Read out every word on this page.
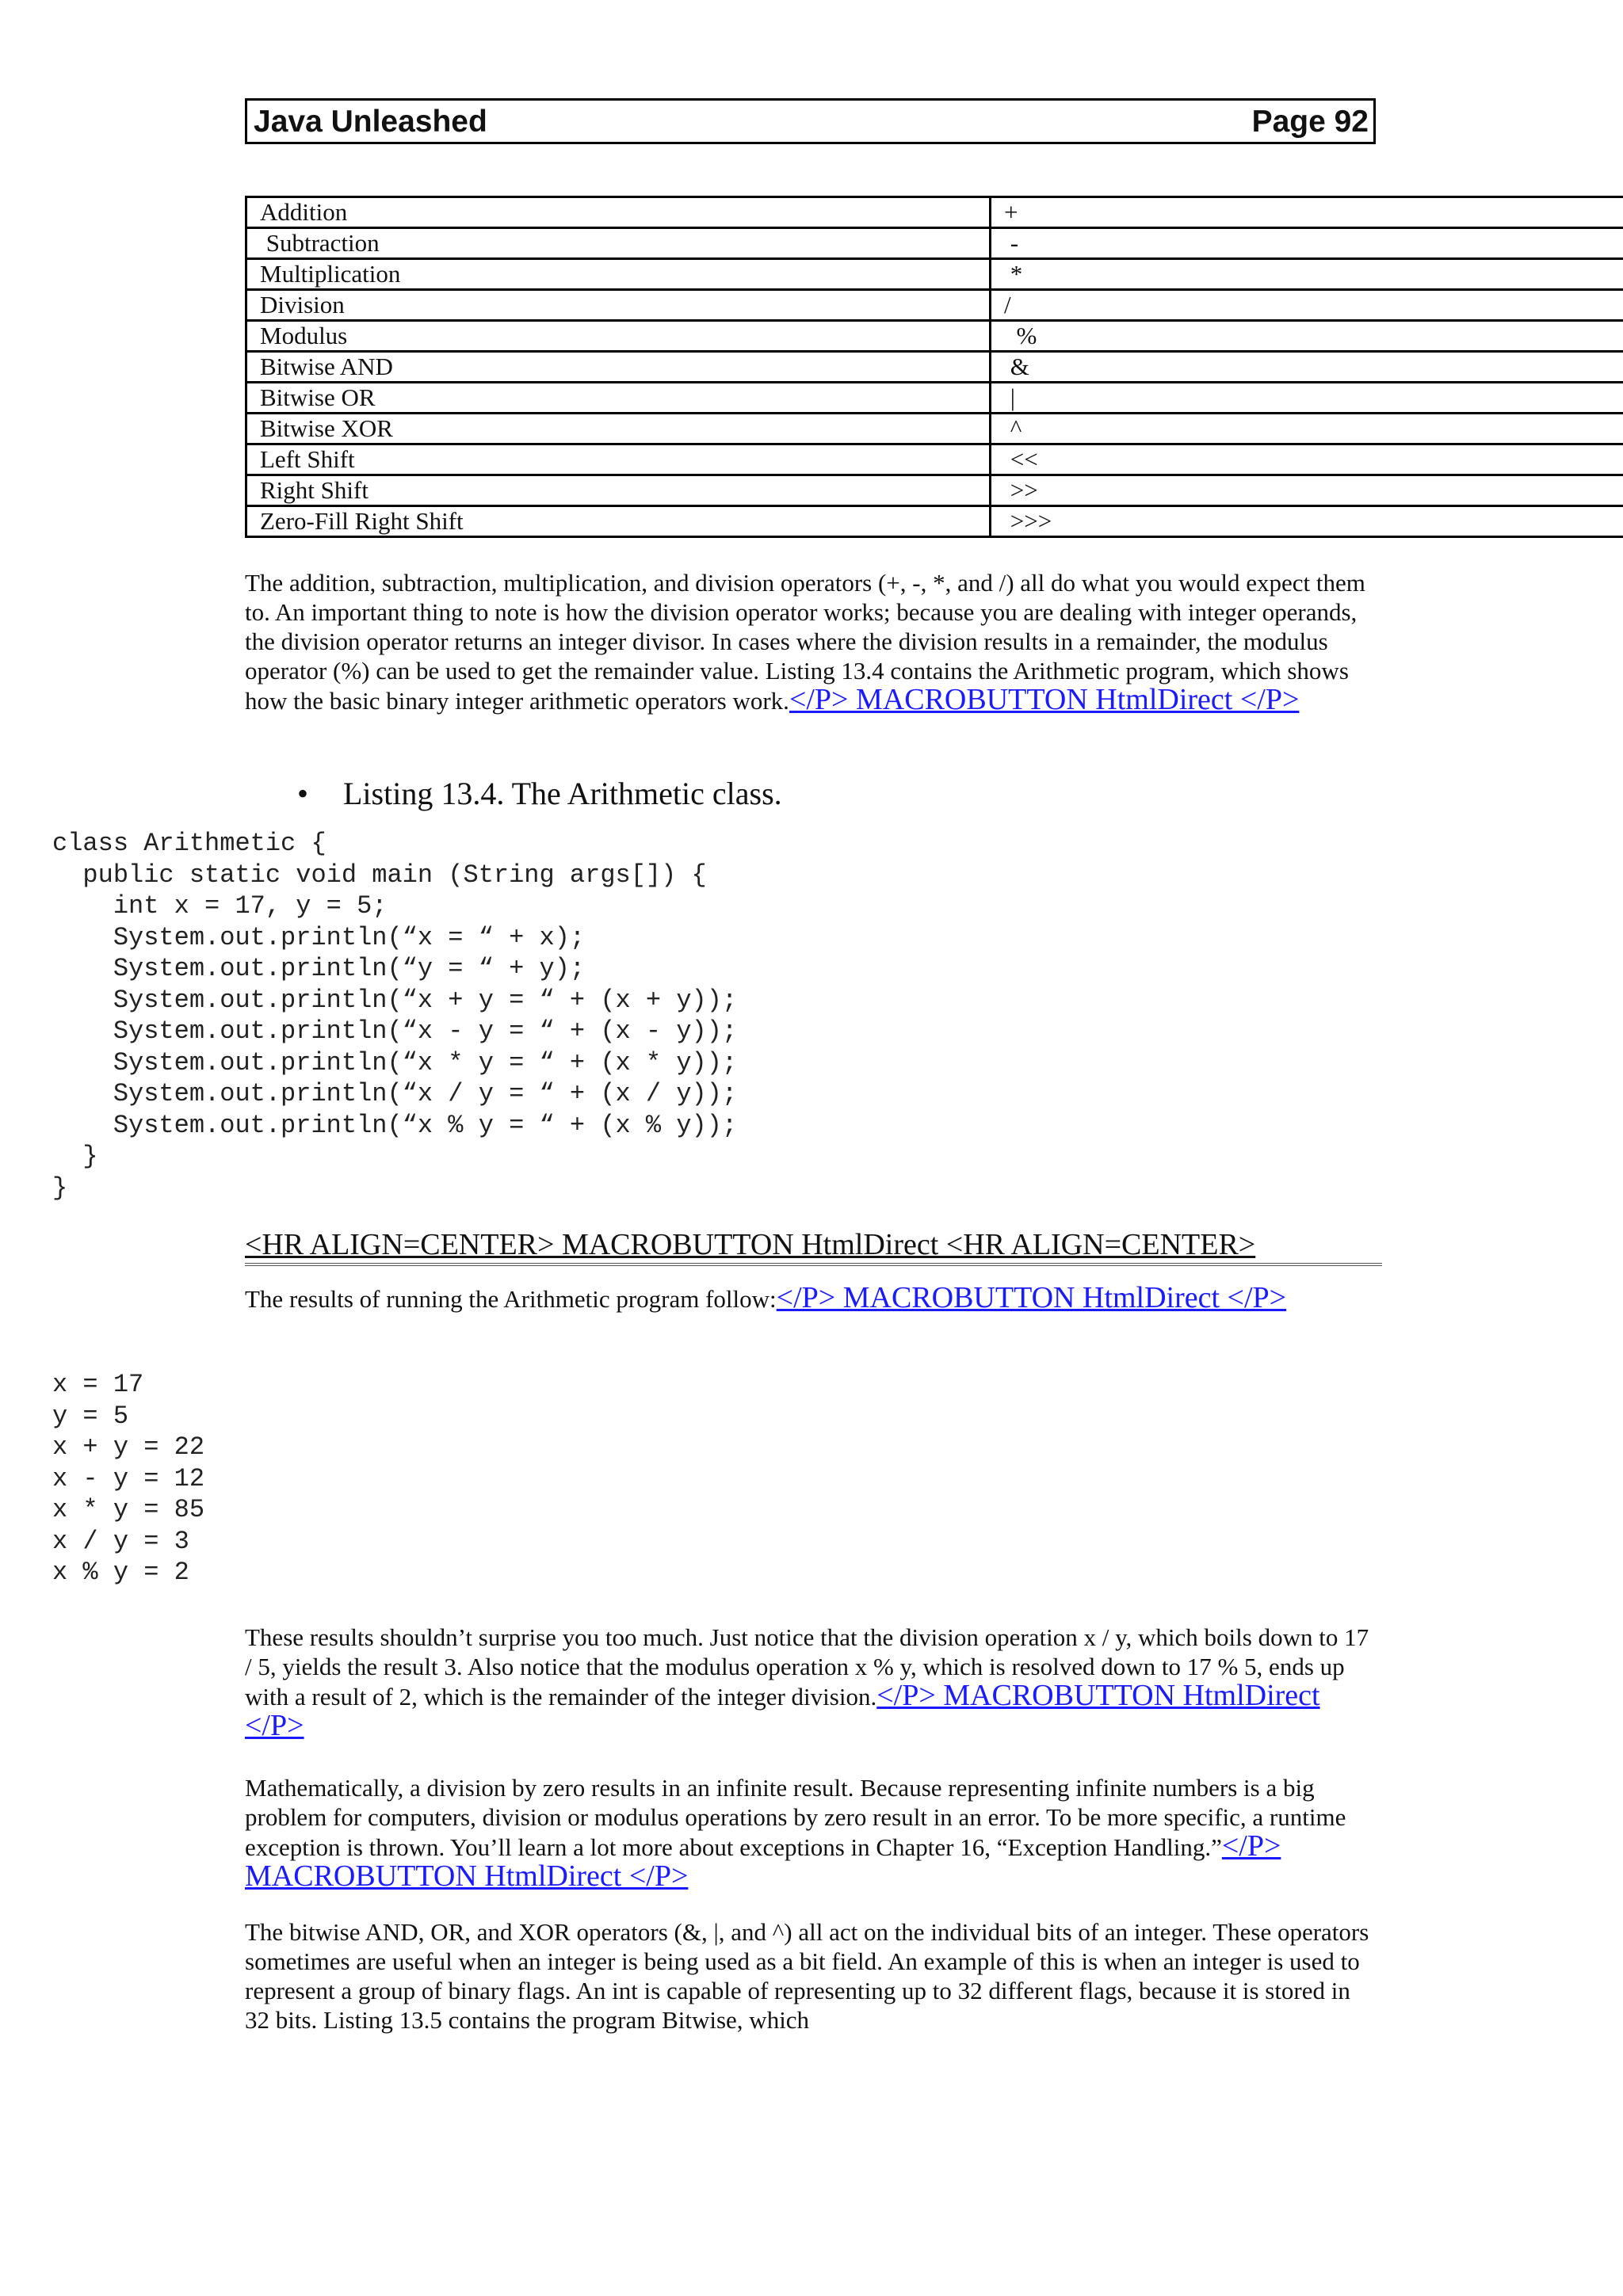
Java Unleashed	Page 92
Addition	+
Subtraction	-
Multiplication	*
Division	/
Modulus	%
Bitwise AND	&
Bitwise OR	|
Bitwise XOR	^
Left Shift	<<
Right Shift	>>
Zero-Fill Right Shift	>>>
The addition, subtraction, multiplication, and division operators (+, -, *, and /) all do what you would expect them to. An important thing to note is how the division operator works; because you are dealing with integer operands, the division operator returns an integer divisor. In cases where the division results in a remainder, the modulus operator (%) can be used to get the remainder value. Listing 13.4 contains the Arithmetic program, which shows how the basic binary integer arithmetic operators work.</P> MACROBUTTON HtmlDirect </P>
• Listing 13.4. The Arithmetic class.
class Arithmetic {
public static void main (String args[]) {
int x = 17, y = 5;
System.out.println(“x = “ + x);
System.out.println(“y = “ + y);
System.out.println(“x + y = “ + (x + y));
System.out.println(“x - y = “ + (x - y));
System.out.println(“x * y = “ + (x * y));
System.out.println(“x / y = “ + (x / y));
System.out.println(“x % y = “ + (x % y));
}
}
<HR ALIGN=CENTER> MACROBUTTON HtmlDirect <HR ALIGN=CENTER>
The results of running the Arithmetic program follow:</P> MACROBUTTON HtmlDirect </P>
x = 17
y = 5
x + y = 22
x - y = 12
x * y = 85
x / y = 3
x % y = 2
These results shouldn’t surprise you too much. Just notice that the division operation x / y, which boils down to 17 / 5, yields the result 3. Also notice that the modulus operation x % y, which is resolved down to 17 % 5, ends up with a result of 2, which is the remainder of the integer division.</P> MACROBUTTON HtmlDirect </P>
Mathematically, a division by zero results in an infinite result. Because representing infinite numbers is a big problem for computers, division or modulus operations by zero result in an error. To be more specific, a runtime exception is thrown. You’ll learn a lot more about exceptions in Chapter 16, “Exception Handling.”</P> MACROBUTTON HtmlDirect </P>
The bitwise AND, OR, and XOR operators (&, |, and ^) all act on the individual bits of an integer. These operators sometimes are useful when an integer is being used as a bit field. An example of this is when an integer is used to represent a group of binary flags. An int is capable of representing up to 32 different flags, because it is stored in 32 bits. Listing 13.5 contains the program Bitwise, which
